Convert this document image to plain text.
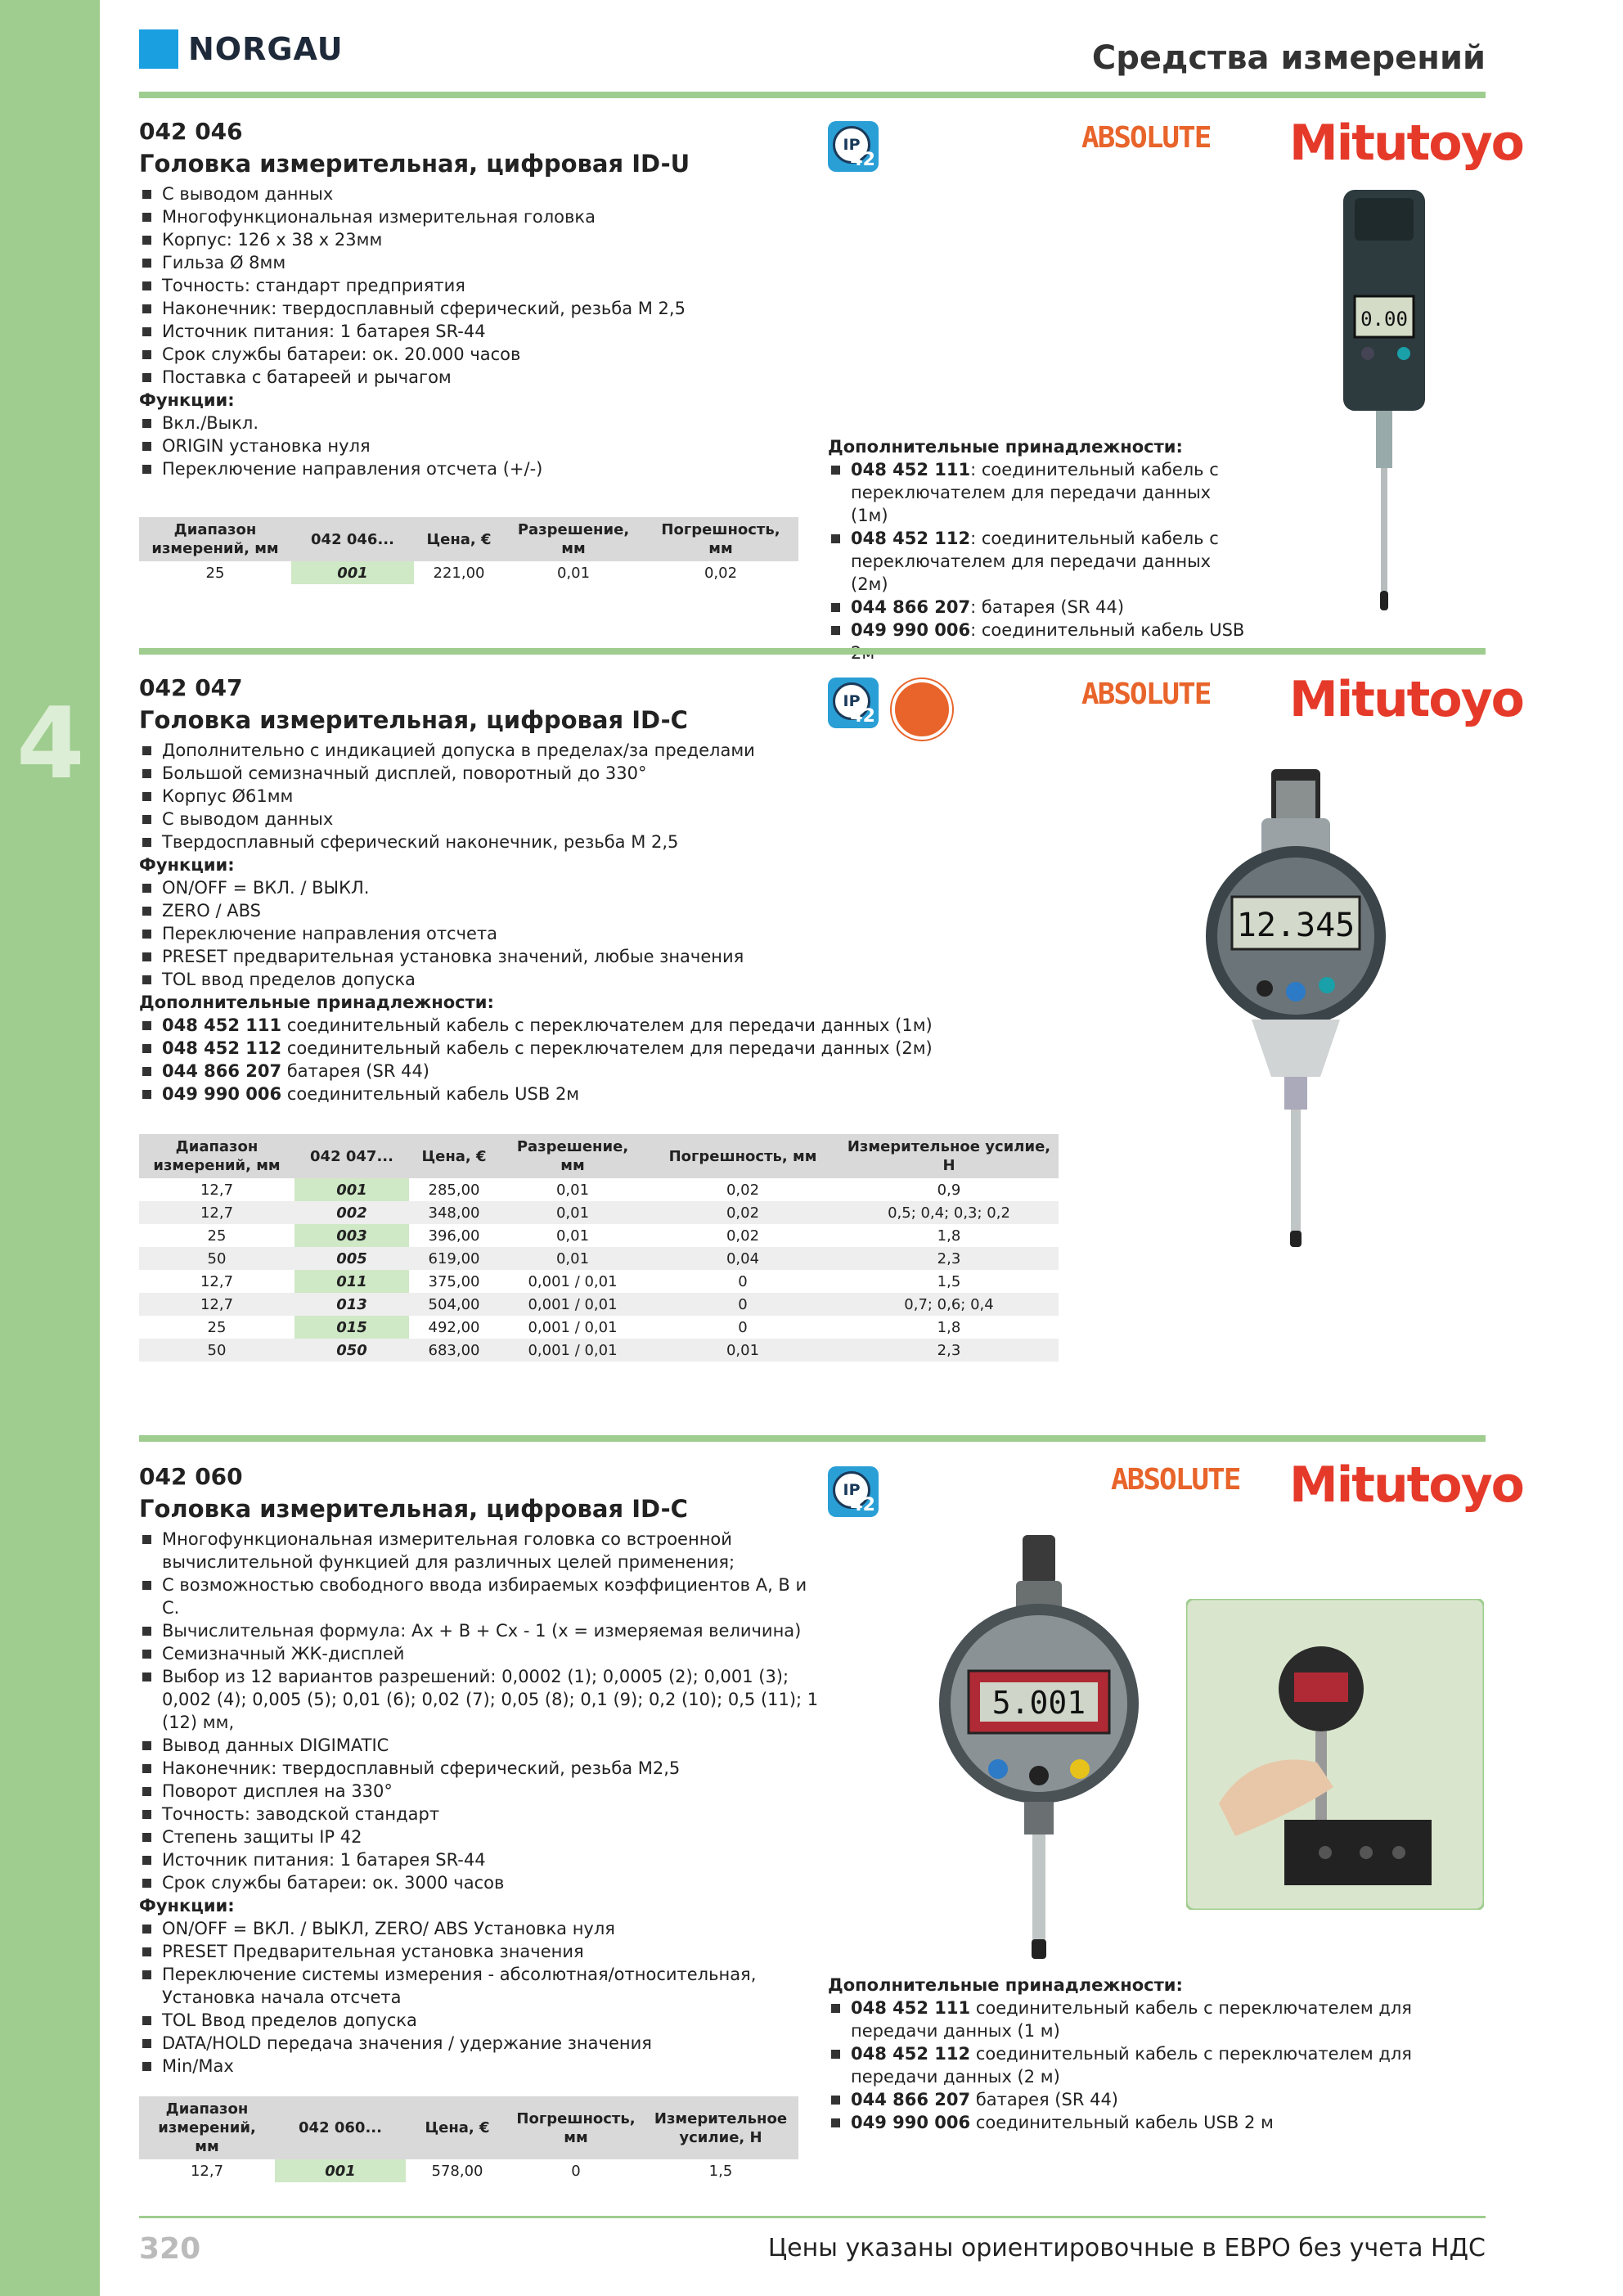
4
NORGAU	Средства измерений
042 046
Головка измерительная, цифровая ID-U
С выводом данных
Многофункциональная измерительная головка
Корпус: 126 х 38 х 23мм
Гильза Ø 8мм
Точность: стандарт предприятия
Наконечник: твердосплавный сферический, резьба М 2,5
Источник питания: 1 батарея SR-44
Срок службы батареи: ок. 20.000 часов
Поставка с батареей и рычагом
Функции:
Вкл./Выкл.
ORIGIN установка нуля
Переключение направления отсчета (+/-)
Диапазон измерений, мм	042 046...	Цена, €	Разрешение, мм	Погрешность, мм
25	001	221,00	0,01	0,02
IP
42
ABSOLUTE Mitutoyo
0.00
Дополнительные принадлежности:
048 452 111: соединительный кабель с переключателем для передачи данных (1м)
048 452 112: соединительный кабель с переключателем для передачи данных (2м)
044 866 207: батарея (SR 44)
049 990 006: соединительный кабель USB
042 047
Головка измерительная, цифровая ID-C
Дополнительно с индикацией допуска в пределах/за пределами
Большой семизначный дисплей, поворотный до 330°
Корпус Ø61мм
С выводом данных
Твердосплавный сферический наконечник, резьба М 2,5
Функции:
ON/OFF = ВКЛ. / ВЫКЛ.
ZERO / ABS
Переключение направления отсчета
PRESET предварительная установка значений, любые значения
TOL ввод пределов допуска
Дополнительные принадлежности:
048 452 111 соединительный кабель с переключателем для передачи данных (1м)
048 452 112 соединительный кабель с переключателем для передачи данных (2м)
044 866 207 батарея (SR 44)
049 990 006 соединительный кабель USB 2м
Диапазон измерений, мм	042 047...	Цена, €	Разрешение, мм	Погрешность, мм	Измерительное усилие, Н
12,7	001	285,00	0,01	0,02	0,9
12,7	002	348,00	0,01	0,02	0,5; 0,4; 0,3; 0,2
25	003	396,00	0,01	0,02	1,8
50	005	619,00	0,01	0,04	2,3
12,7	011	375,00	0,001 / 0,01	0	1,5
12,7	013	504,00	0,001 / 0,01	0	0,7; 0,6; 0,4
25	015	492,00	0,001 / 0,01	0	1,8
50	050	683,00	0,001 / 0,01	0,01	2,3
IP
42
ABSOLUTE Mitutoyo
12.345
042 060
Головка измерительная, цифровая ID-C
Многофункциональная измерительная головка со встроенной вычислительной функцией для различных целей применения;
С возможностью свободного ввода избираемых коэффициентов A, B и C.
Вычислительная формула: Ax + B + Cx - 1 (x = измеряемая величина)
Семизначный ЖК-дисплей
Выбор из 12 вариантов разрешений: 0,0002 (1); 0,0005 (2); 0,001 (3); 0,002 (4); 0,005 (5); 0,01 (6); 0,02 (7); 0,05 (8); 0,1 (9); 0,2 (10); 0,5 (11); 1 (12) мм,
Вывод данных DIGIMATIC
Наконечник: твердосплавный сферический, резьба М2,5
Поворот дисплея на 330°
Точность: заводской стандарт
Степень защиты IP 42
Источник питания: 1 батарея SR-44
Срок службы батареи: ок. 3000 часов
Функции:
ON/OFF = ВКЛ. / ВЫКЛ, ZERO/ ABS Установка нуля
PRESET Предварительная установка значения
Переключение системы измерения - абсолютная/относительная, Установка начала отсчета
TOL Ввод пределов допуска
DATA/HOLD передача значения / удержание значения
Min/Max
Диапазон измерений, мм	042 060...	Цена, €	Погрешность, мм	Измерительное усилие, Н
12,7	001	578,00	0	1,5
IP
42
ABSOLUTE Mitutoyo
5.001
Дополнительные принадлежности:
048 452 111 соединительный кабель с переключателем для передачи данных (1 м)
048 452 112 соединительный кабель с переключателем для передачи данных (2 м)
044 866 207 батарея (SR 44)
049 990 006 соединительный кабель USB 2 м
320	Цены указаны ориентировочные в ЕВРО без учета НДС
